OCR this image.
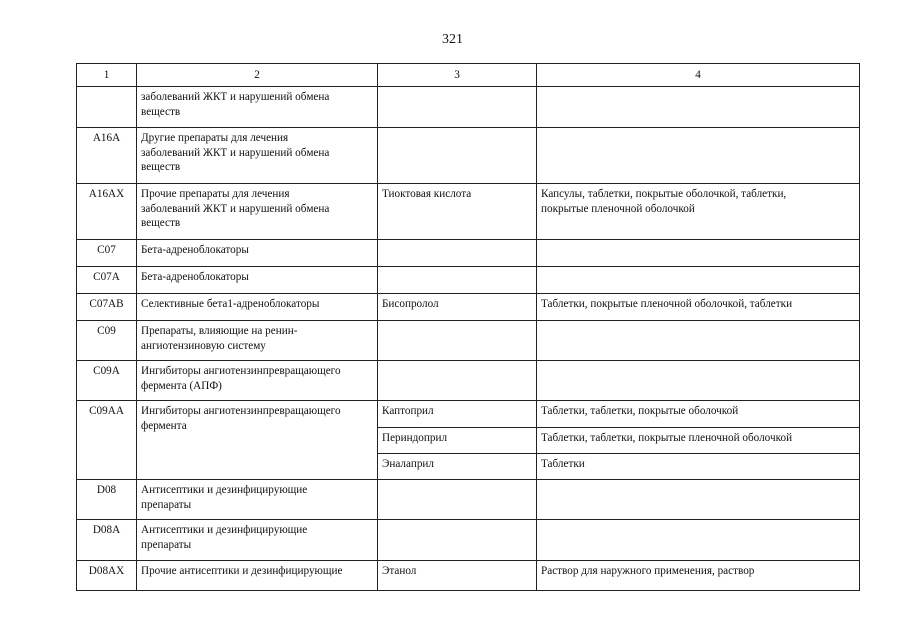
321
1	2	3	4
	заболеваний ЖКТ и нарушений обмена
веществ		
A16A	Другие препараты для лечения
заболеваний ЖКТ и нарушений обмена
веществ		
A16AX	Прочие препараты для лечения
заболеваний ЖКТ и нарушений обмена
веществ	Тиоктовая кислота	Капсулы, таблетки, покрытые оболочкой, таблетки,
покрытые пленочной оболочкой
C07	Бета-адреноблокаторы		
C07A	Бета-адреноблокаторы		
C07AB	Селективные бета1-адреноблокаторы	Бисопролол	Таблетки, покрытые пленочной оболочкой, таблетки
C09	Препараты, влияющие на ренин-
ангиотензиновую систему		
C09A	Ингибиторы ангиотензинпревращающего
фермента (АПФ)		
C09AA	Ингибиторы ангиотензинпревращающего
фермента	Каптоприл	Таблетки, таблетки, покрытые оболочкой
		Периндоприл	Таблетки, таблетки, покрытые пленочной оболочкой
		Эналаприл	Таблетки
D08	Антисептики и дезинфицирующие
препараты		
D08A	Антисептики и дезинфицирующие
препараты		
D08AX	Прочие антисептики и дезинфицирующие	Этанол	Раствор для наружного применения, раствор
